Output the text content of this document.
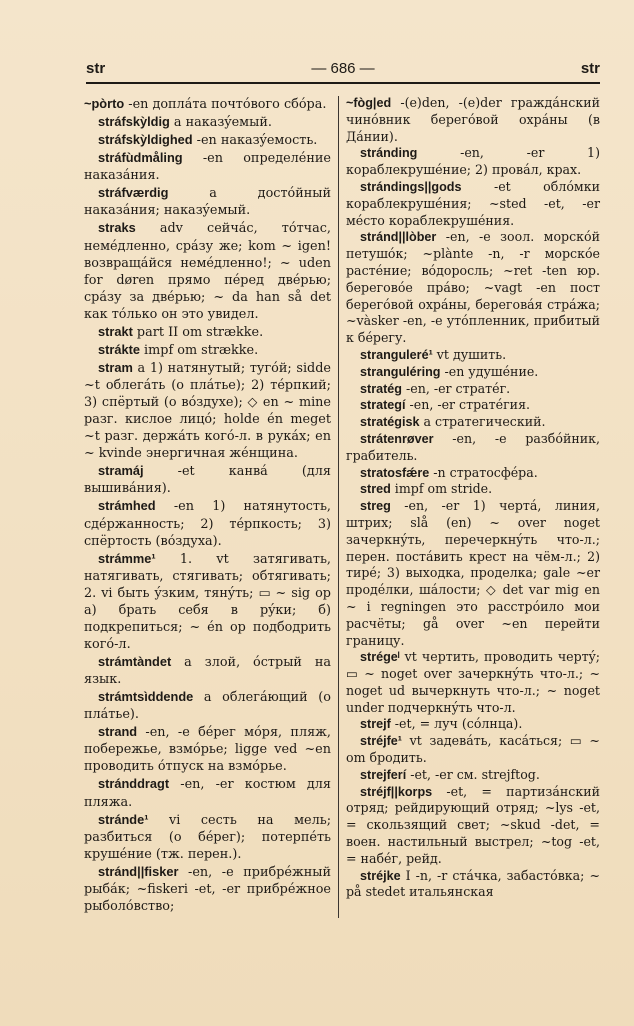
str	— 686 —	str

~pòrto -en доплáта почтóвого сбóра.

stráfskỳldig a наказýемый.

stráfskỳldighed -en наказýемость.

stráfùdmåling -en определéние наказáния.

stráfværdig a достóйный наказáния; наказýемый.

straks adv сейчáс, тóтчас, немéдленно, срáзу же; kom ~ igen! возвращáйся немéдленно!; ~ uden for døren прямо пéред двéрью; срáзу за двéрью; ~ da han så det как тóлько он это увидел.

strakt part II om strække.

strákte impf om strække.

stram a 1) натянутый; тугóй; sidde ~t облегáть (о плáтье); 2) тéрпкий; 3) спёртый (о вóздухе); ◇ en ~ mine разг. кислое лицó; holde én meget ~t разг. держáть когó-л. в рукáх; en ~ kvinde энергичная жéнщина.

stramáj -et канвá (для вышивáния).

strámhed -en 1) натянутость, сдéржанность; 2) тéрпкость; 3) спёртость (вóздуха).

strámme¹ 1. vt затягивать, натягивать, стягивать; обтягивать; 2. vi быть ýзким, тянýть; ▭ ~ sig op a) брать себя в рýки; б) подкрепиться; ~ én op подбодрить когó-л.

strámtàndet a злой, óстрый на язык.

strámtsìddende a облегáющий (о плáтье).

strand -en, -e бéрег мóря, пляж, побережье, взмóрье; ligge ved ~en проводить óтпуск на взмóрье.

stránddragt -en, -er костюм для пляжа.

stránde¹ vi сесть на мель; разбиться (о бéрег); потерпéть крушéние (тж. перен.).

stránd||fisker -en, -e прибрéжный рыбáк; ~fiskeri -et, -er прибрéжное рыболóвство;

~fòg|ed -(e)den, -(e)der граждáнский чинóвник берегóвой охрáны (в Дáнии).

stránding -en, -er 1) кораблекрушéние; 2) провáл, крах.

strándings||gods -et облóмки кораблекрушéния; ~sted -et, -er мéсто кораблекрушéния.

stránd||lòber -en, -e зоол. морскóй петушóк; ~plànte -n, -r морскóе растéние; вóдоросль; ~ret -ten юр. береговóе прáво; ~vagt -en пост берегóвой охрáны, береговáя стрáжа; ~vàsker -en, -e утóпленник, прибитый к бéрегу.

stranguleré¹ vt душить.

stranguléring -en удушéние.

stratég -en, -er стратéг.

strategí -en, -er стратéгия.

stratégisk a стратегический.

strátenrøver -en, -e разбóйник, грабитель.

stratosfǽre -n стратосфéра.

stred impf om stride.

streg -en, -er 1) чертá, линия, штрих; slå (en) ~ over noget зачеркнýть, перечеркнýть что-л.; перен. постáвить крест на чём-л.; 2) тирé; 3) выходка, проделка; gale ~er продéлки, шáлости; ◇ det var mig en ~ i regningen это расстрóило мои расчёты; gå over ~en перейти границу.

strégeˡ vt чертить, проводить чертý; ▭ ~ noget over зачеркнýть что-л.; ~ noget ud вычеркнуть что-л.; ~ noget under подчеркнýть что-л.

strejf -et, = луч (сóлнца).

stréjfe¹ vt задевáть, касáться; ▭ ~ om бродить.

strejferí -et, -er см. strejftog.

stréjf||korps -et, = партизáнский отряд; рейдирующий отряд; ~lys -et, = скользящий свет; ~skud -det, = воен. настильный выстрел; ~tog -et, = набéг, рейд.

stréjke I -n, -r стáчка, забастóвка; ~ på stedet итальянская
